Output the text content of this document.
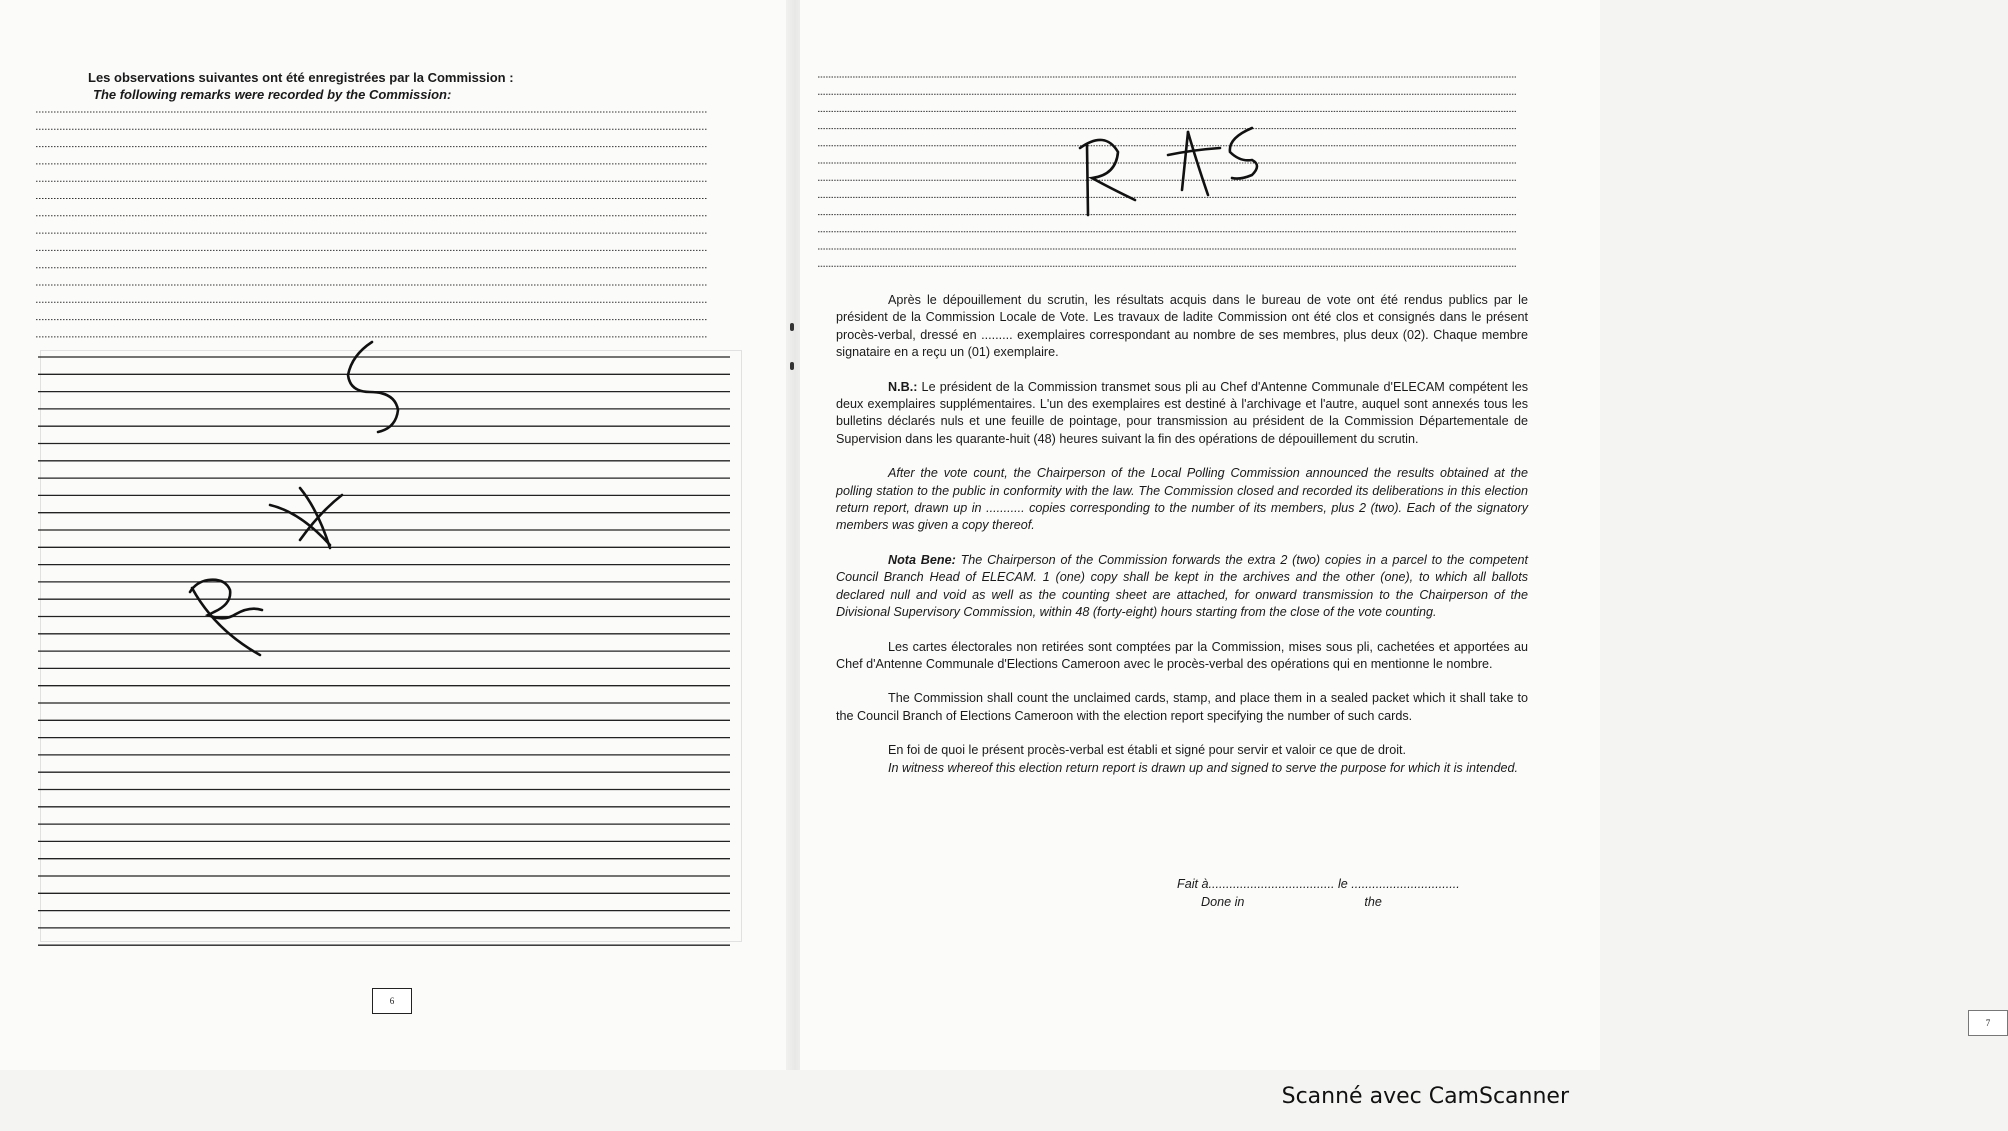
Les observations suivantes ont été enregistrées par la Commission :
The following remarks were recorded by the Commission:
6
7

Après le dépouillement du scrutin, les résultats acquis dans le bureau de vote ont été rendus publics par le président de la Commission Locale de Vote. Les travaux de ladite Commission ont été clos et consignés dans le présent procès-verbal, dressé en ......... exemplaires correspondant au nombre de ses membres, plus deux (02). Chaque membre signataire en a reçu un (01) exemplaire.

N.B.: Le président de la Commission transmet sous pli au Chef d'Antenne Communale d'ELECAM compétent les deux exemplaires supplémentaires. L'un des exemplaires est destiné à l'archivage et l'autre, auquel sont annexés tous les bulletins déclarés nuls et une feuille de pointage, pour transmission au président de la Commission Départementale de Supervision dans les quarante-huit (48) heures suivant la fin des opérations de dépouillement du scrutin.

After the vote count, the Chairperson of the Local Polling Commission announced the results obtained at the polling station to the public in conformity with the law. The Commission closed and recorded its deliberations in this election return report, drawn up in ........... copies corresponding to the number of its members, plus 2 (two). Each of the signatory members was given a copy thereof.

Nota Bene: The Chairperson of the Commission forwards the extra 2 (two) copies in a parcel to the competent Council Branch Head of ELECAM. 1 (one) copy shall be kept in the archives and the other (one), to which all ballots declared null and void as well as the counting sheet are attached, for onward transmission to the Chairperson of the Divisional Supervisory Commission, within 48 (forty-eight) hours starting from the close of the vote counting.

Les cartes électorales non retirées sont comptées par la Commission, mises sous pli, cachetées et apportées au Chef d'Antenne Communale d'Elections Cameroon avec le procès-verbal des opérations qui en mentionne le nombre.

The Commission shall count the unclaimed cards, stamp, and place them in a sealed packet which it shall take to the Council Branch of Elections Cameroon with the election report specifying the number of such cards.

En foi de quoi le présent procès-verbal est établi et signé pour servir et valoir ce que de droit.

In witness whereof this election return report is drawn up and signed to serve the purpose for which it is intended.

Fait à.................................... le ...............................
Done in	the
Scanné avec CamScanner
